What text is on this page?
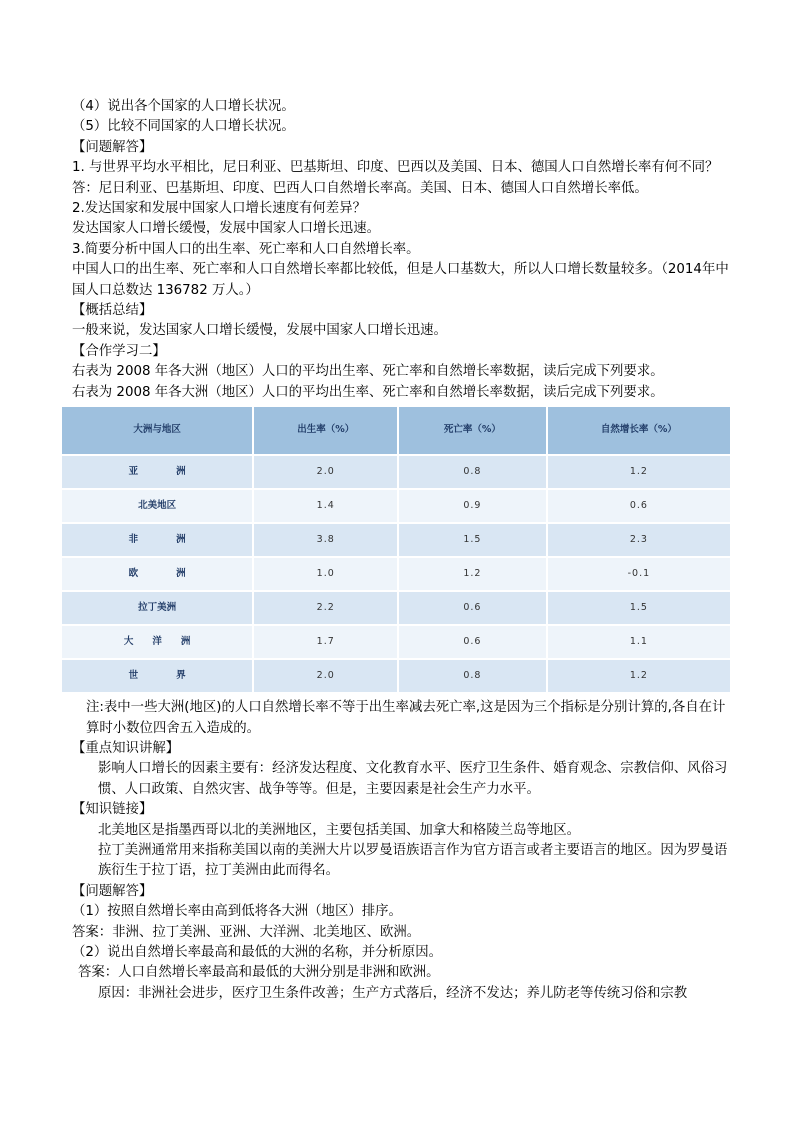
（4）说出各个国家的人口增长状况。
（5）比较不同国家的人口增长状况。
【问题解答】
1. 与世界平均水平相比，尼日利亚、巴基斯坦、印度、巴西以及美国、日本、德国人口自然增长率有何不同？
答：尼日利亚、巴基斯坦、印度、巴西人口自然增长率高。美国、日本、德国人口自然增长率低。
2.发达国家和发展中国家人口增长速度有何差异？
发达国家人口增长缓慢，发展中国家人口增长迅速。
3.简要分析中国人口的出生率、死亡率和人口自然增长率。
中国人口的出生率、死亡率和人口自然增长率都比较低，但是人口基数大，所以人口增长数量较多。（2014年中国人口总数达 136782 万人。）
【概括总结】
一般来说，发达国家人口增长缓慢，发展中国家人口增长迅速。
【合作学习二】
右表为 2008 年各大洲（地区）人口的平均出生率、死亡率和自然增长率数据，读后完成下列要求。
右表为 2008 年各大洲（地区）人口的平均出生率、死亡率和自然增长率数据，读后完成下列要求。
大洲与地区	出生率（%）	死亡率（%）	自然增长率（%）
亚　　　　洲	2.0	0.8	1.2
北美地区	1.4	0.9	0.6
非　　　　洲	3.8	1.5	2.3
欧　　　　洲	1.0	1.2	-0.1
拉丁美洲	2.2	0.6	1.5
大　　洋　　洲	1.7	0.6	1.1
世　　　　界	2.0	0.8	1.2
注:表中一些大洲(地区)的人口自然增长率不等于出生率减去死亡率,这是因为三个指标是分别计算的,各自在计算时小数位四舍五入造成的。
【重点知识讲解】
影响人口增长的因素主要有：经济发达程度、文化教育水平、医疗卫生条件、婚育观念、宗教信仰、风俗习惯、人口政策、自然灾害、战争等等。但是，主要因素是社会生产力水平。
【知识链接】
北美地区是指墨西哥以北的美洲地区，主要包括美国、加拿大和格陵兰岛等地区。
拉丁美洲通常用来指称美国以南的美洲大片以罗曼语族语言作为官方语言或者主要语言的地区。因为罗曼语族衍生于拉丁语，拉丁美洲由此而得名。
【问题解答】
（1）按照自然增长率由高到低将各大洲（地区）排序。
答案：非洲、拉丁美洲、亚洲、大洋洲、北美地区、欧洲。
（2）说出自然增长率最高和最低的大洲的名称，并分析原因。
答案：人口自然增长率最高和最低的大洲分别是非洲和欧洲。
原因：非洲社会进步，医疗卫生条件改善；生产方式落后，经济不发达；养儿防老等传统习俗和宗教
